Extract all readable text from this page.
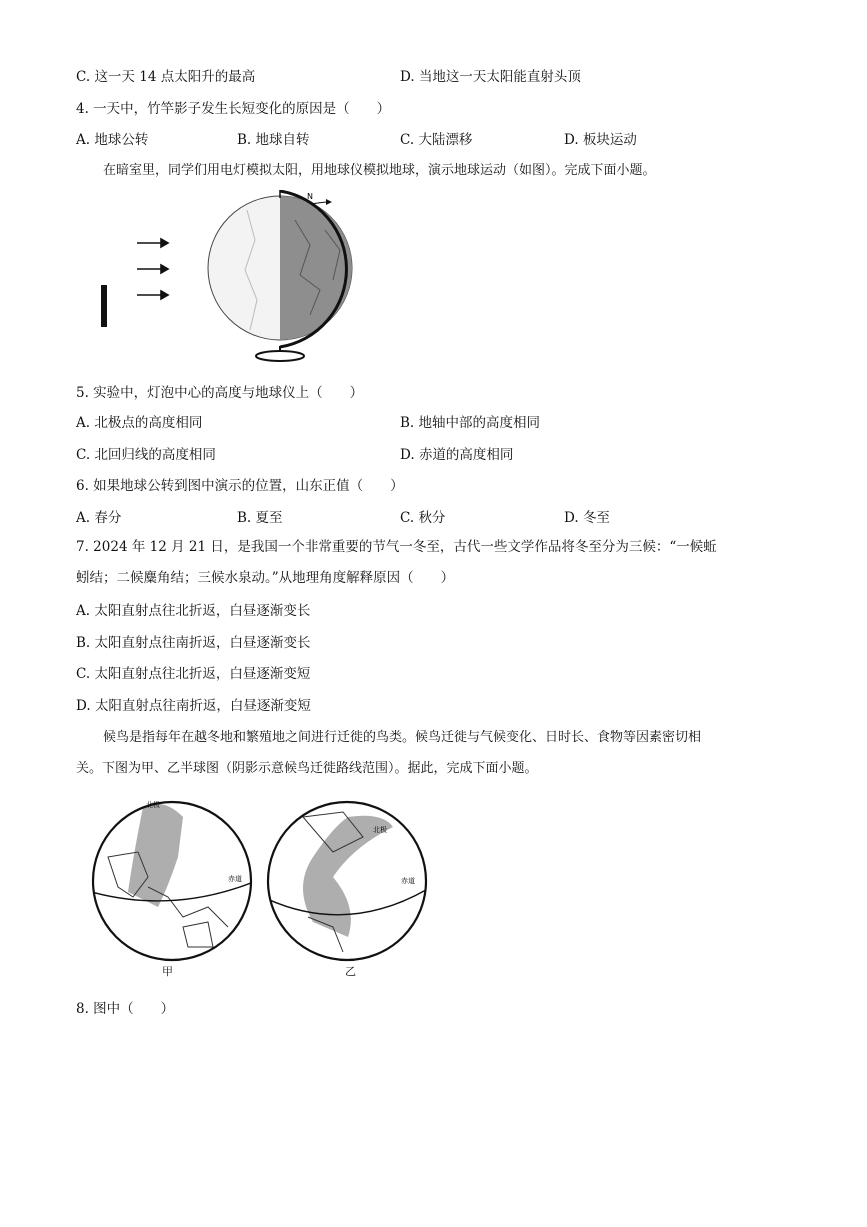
C. 这一天 14 点太阳升的最高	D. 当地这一天太阳能直射头顶
4. 一天中，竹竿影子发生长短变化的原因是（　　）
A. 地球公转	B. 地球自转	C. 大陆漂移	D. 板块运动
在暗室里，同学们用电灯模拟太阳，用地球仪模拟地球，演示地球运动（如图）。完成下面小题。
N
5. 实验中，灯泡中心的高度与地球仪上（　　）
A. 北极点的高度相同	B. 地轴中部的高度相同
C. 北回归线的高度相同	D. 赤道的高度相同
6. 如果地球公转到图中演示的位置，山东正值（　　）
A. 春分	B. 夏至	C. 秋分	D. 冬至
7. 2024 年 12 月 21 日，是我国一个非常重要的节气一冬至，古代一些文学作品将冬至分为三候：“一候蚯蚓结；二候麋角结；三候水泉动。”从地理角度解释原因（　　）
A. 太阳直射点往北折返，白昼逐渐变长
B. 太阳直射点往南折返，白昼逐渐变长
C. 太阳直射点往北折返，白昼逐渐变短
D. 太阳直射点往南折返，白昼逐渐变短
候鸟是指每年在越冬地和繁殖地之间进行迁徙的鸟类。候鸟迁徙与气候变化、日时长、食物等因素密切相关。下图为甲、乙半球图（阴影示意候鸟迁徙路线范围）。据此，完成下面小题。
北极
赤道
北极
赤道
甲	乙
8. 图中（　　）
